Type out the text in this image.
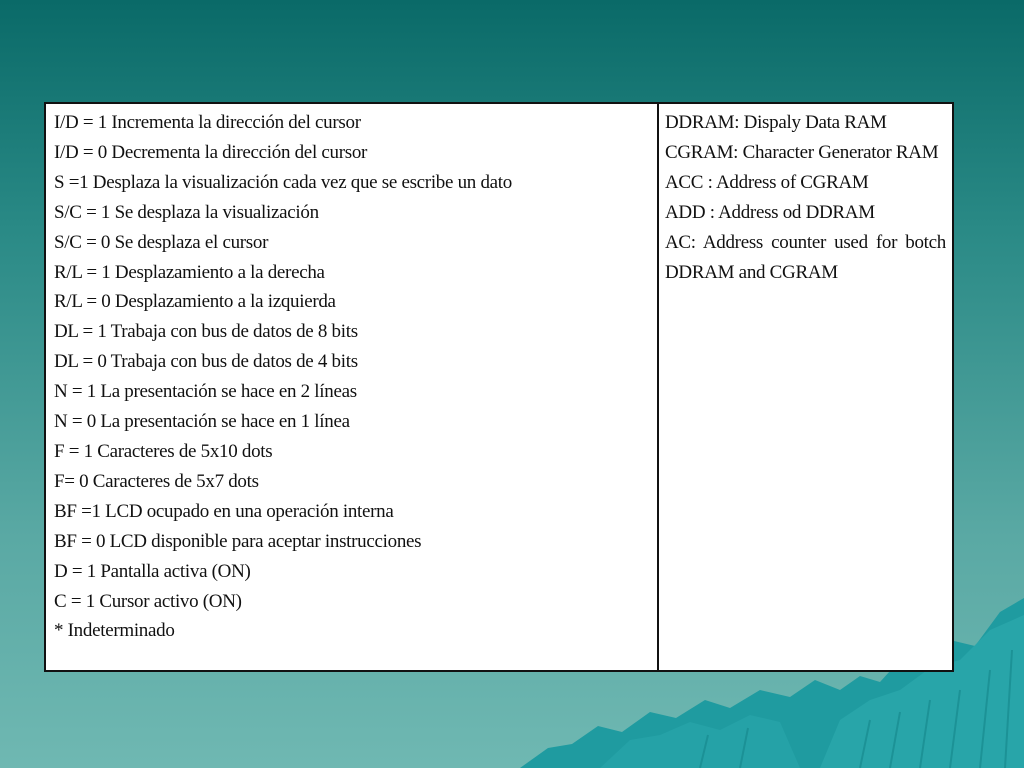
I/D = 1 Incrementa la dirección del cursor
I/D = 0 Decrementa la dirección del cursor
S =1 Desplaza la visualización cada vez que se escribe un dato
S/C = 1 Se desplaza la visualización
S/C = 0 Se desplaza el cursor
R/L = 1 Desplazamiento a la derecha
R/L = 0 Desplazamiento a la izquierda
DL = 1 Trabaja con bus de datos de 8 bits
DL = 0 Trabaja con bus de datos de 4 bits
N = 1 La presentación se hace en 2 líneas
N = 0 La presentación se hace en 1 línea
F = 1 Caracteres de 5x10 dots
F= 0 Caracteres de 5x7 dots
BF =1 LCD ocupado en una operación interna
BF = 0 LCD disponible para aceptar instrucciones
D = 1 Pantalla activa (ON)
C = 1 Cursor activo (ON)
* Indeterminado
DDRAM: Dispaly Data RAM
CGRAM: Character Generator RAM
ACC : Address of CGRAM
ADD : Address od DDRAM
AC: Address counter used for botch
DDRAM and CGRAM
